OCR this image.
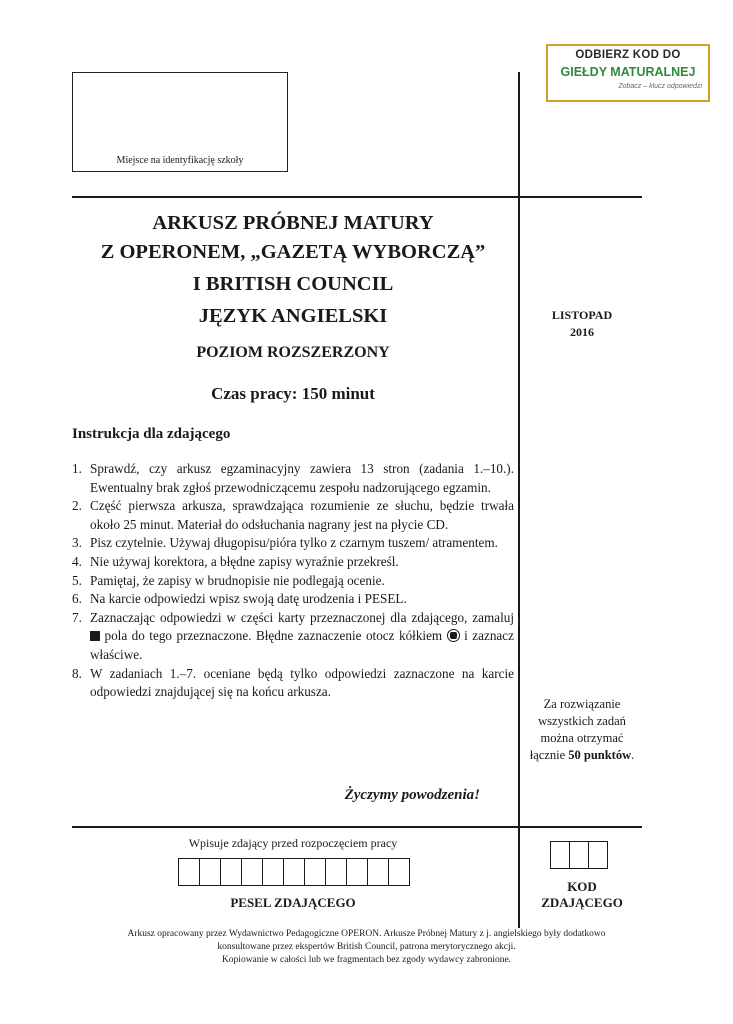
ODBIERZ KOD DO
GIEŁDY MATURALNEJ
Zobacz – klucz odpowiedzi
Miejsce na identyfikację szkoły
ARKUSZ PRÓBNEJ MATURY
Z OPERONEM, „GAZETĄ WYBORCZĄ”
I BRITISH COUNCIL
JĘZYK ANGIELSKI
POZIOM ROZSZERZONY
Czas pracy: 150 minut
LISTOPAD
2016
Instrukcja dla zdającego
1. Sprawdź, czy arkusz egzaminacyjny zawiera 13 stron (zadania 1.–10.). Ewentualny brak zgłoś przewodniczącemu zespołu nadzorującego egzamin.
2. Część pierwsza arkusza, sprawdzająca rozumienie ze słuchu, będzie trwała około 25 minut. Materiał do odsłuchania nagrany jest na płycie CD.
3. Pisz czytelnie. Używaj długopisu/pióra tylko z czarnym tuszem/ atramentem.
4. Nie używaj korektora, a błędne zapisy wyraźnie przekreśl.
5. Pamiętaj, że zapisy w brudnopisie nie podlegają ocenie.
6. Na karcie odpowiedzi wpisz swoją datę urodzenia i PESEL.
7. Zaznaczając odpowiedzi w części karty przeznaczonej dla zdającego, zamaluj  pola do tego przeznaczone. Błędne zaznaczenie otocz kółkiem i zaznacz właściwe.
8. W zadaniach 1.–7. oceniane będą tylko odpowiedzi zaznaczone na karcie odpowiedzi znajdującej się na końcu arkusza.
Życzymy powodzenia!
Za rozwiązanie
wszystkich zadań
można otrzymać
łącznie 50 punktów.
Wpisuje zdający przed rozpoczęciem pracy
PESEL ZDAJĄCEGO
KOD
ZDAJĄCEGO
Arkusz opracowany przez Wydawnictwo Pedagogiczne OPERON. Arkusze Próbnej Matury z j. angielskiego były dodatkowo
konsultowane przez ekspertów British Council, patrona merytorycznego akcji.
Kopiowanie w całości lub we fragmentach bez zgody wydawcy zabronione.
